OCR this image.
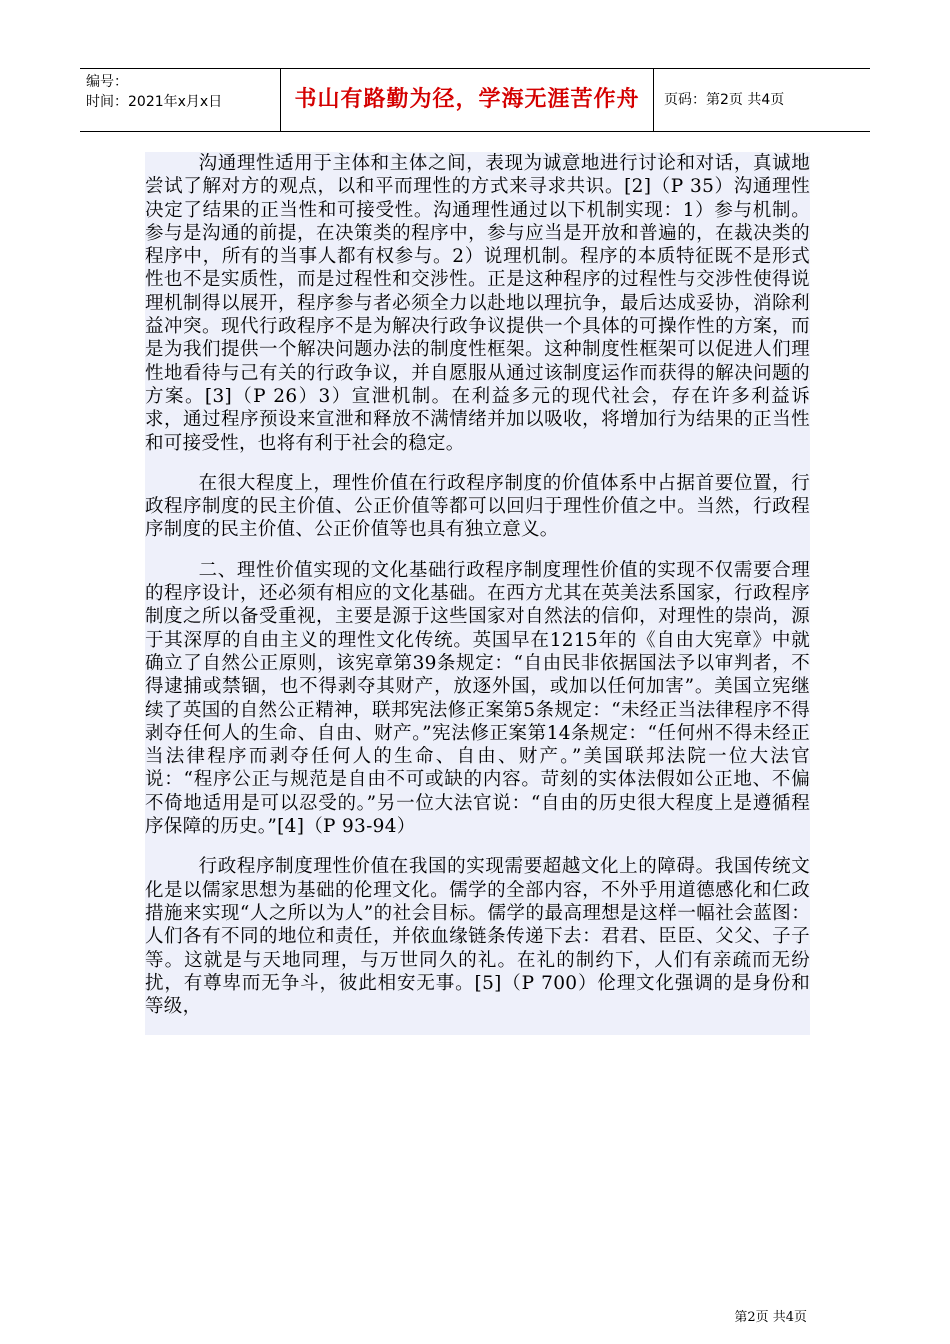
编号：
时间：2021年x月x日	书山有路勤为径，学海无涯苦作舟	页码：第2页 共4页

沟通理性适用于主体和主体之间，表现为诚意地进行讨论和对话，真诚地尝试了解对方的观点，以和平而理性的方式来寻求共识。[2]（P 35）沟通理性决定了结果的正当性和可接受性。沟通理性通过以下机制实现：1）参与机制。参与是沟通的前提，在决策类的程序中，参与应当是开放和普遍的，在裁决类的程序中，所有的当事人都有权参与。2）说理机制。程序的本质特征既不是形式性也不是实质性，而是过程性和交涉性。正是这种程序的过程性与交涉性使得说理机制得以展开，程序参与者必须全力以赴地以理抗争，最后达成妥协，消除利益冲突。现代行政程序不是为解决行政争议提供一个具体的可操作性的方案，而是为我们提供一个解决问题办法的制度性框架。这种制度性框架可以促进人们理性地看待与己有关的行政争议，并自愿服从通过该制度运作而获得的解决问题的方案。[3]（P 26）3）宣泄机制。在利益多元的现代社会，存在许多利益诉求，通过程序预设来宣泄和释放不满情绪并加以吸收，将增加行为结果的正当性和可接受性，也将有利于社会的稳定。

在很大程度上，理性价值在行政程序制度的价值体系中占据首要位置，行政程序制度的民主价值、公正价值等都可以回归于理性价值之中。当然，行政程序制度的民主价值、公正价值等也具有独立意义。

二、理性价值实现的文化基础行政程序制度理性价值的实现不仅需要合理的程序设计，还必须有相应的文化基础。在西方尤其在英美法系国家，行政程序制度之所以备受重视，主要是源于这些国家对自然法的信仰，对理性的崇尚，源于其深厚的自由主义的理性文化传统。英国早在1215年的《自由大宪章》中就确立了自然公正原则，该宪章第39条规定：“自由民非依据国法予以审判者，不得逮捕或禁锢，也不得剥夺其财产，放逐外国，或加以任何加害”。美国立宪继续了英国的自然公正精神，联邦宪法修正案第5条规定：“未经正当法律程序不得剥夺任何人的生命、自由、财产。”宪法修正案第14条规定：“任何州不得未经正当法律程序而剥夺任何人的生命、自由、财产。”美国联邦法院一位大法官说：“程序公正与规范是自由不可或缺的内容。苛刻的实体法假如公正地、不偏不倚地适用是可以忍受的。”另一位大法官说：“自由的历史很大程度上是遵循程序保障的历史。”[4]（P 93-94）

行政程序制度理性价值在我国的实现需要超越文化上的障碍。我国传统文化是以儒家思想为基础的伦理文化。儒学的全部内容，不外乎用道德感化和仁政措施来实现“人之所以为人”的社会目标。儒学的最高理想是这样一幅社会蓝图：人们各有不同的地位和责任，并依血缘链条传递下去：君君、臣臣、父父、子子等。这就是与天地同理，与万世同久的礼。在礼的制约下，人们有亲疏而无纷扰，有尊卑而无争斗，彼此相安无事。[5]（P 700）伦理文化强调的是身份和等级，

第2页 共4页
